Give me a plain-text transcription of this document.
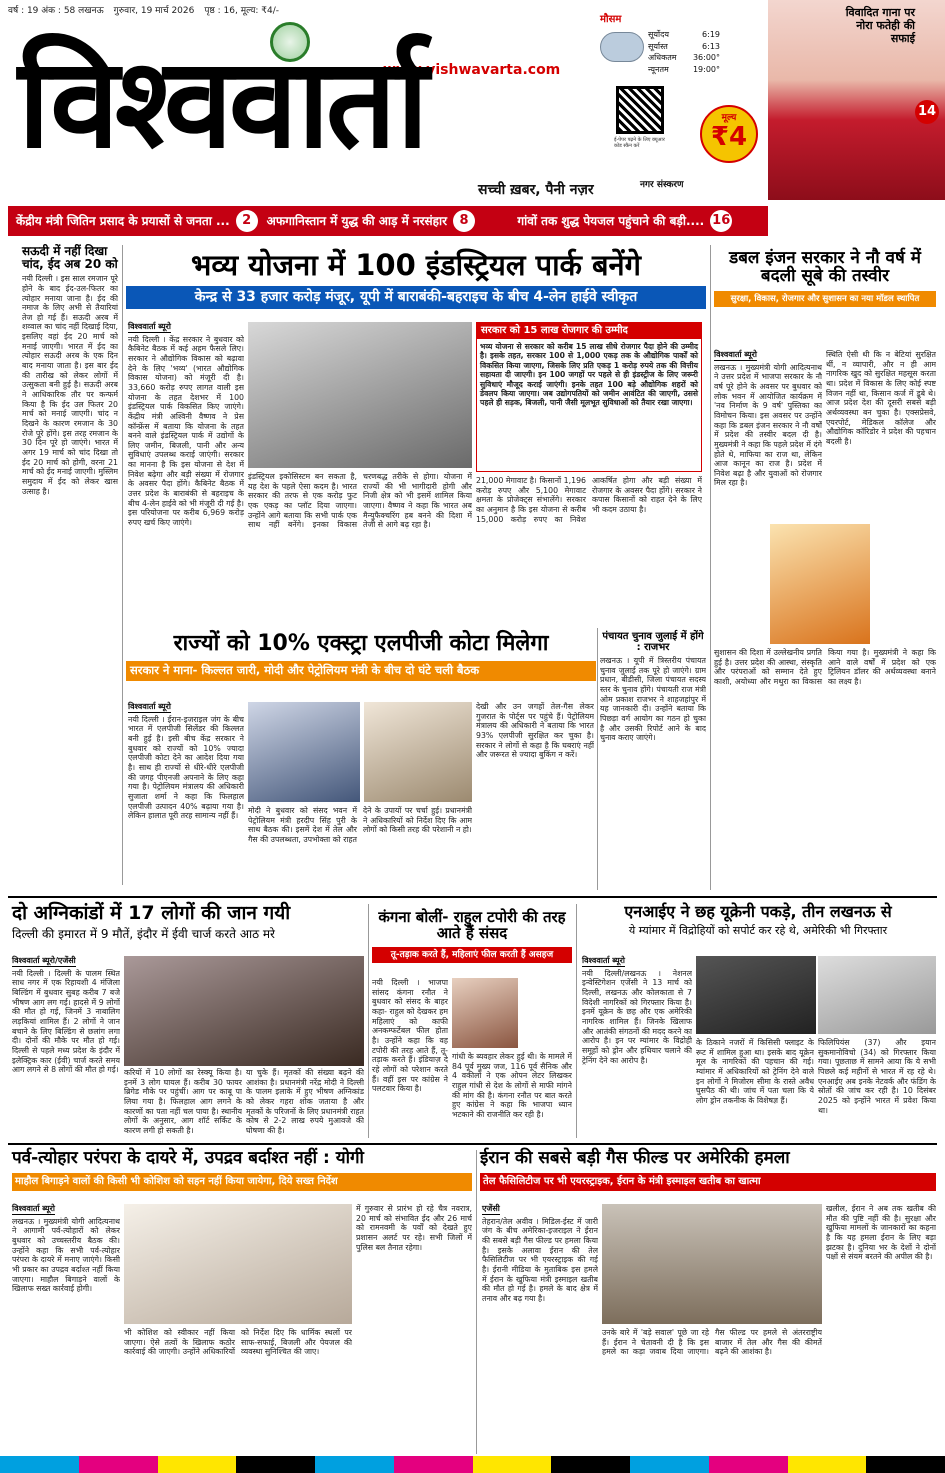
वर्ष : 19 अंक : 58 लखनऊ गुरुवार, 19 मार्च 2026 पृष्ठ : 16, मूल्य: ₹4/-
www.vishwavarta.com
विश्ववार्ता
सच्ची ख़बर, पैनी नज़र
मौसम
सूर्योदय	6:19
सूर्यास्त	6:13
अधिकतम 36:00°
न्यूनतम	19:00°
ई-पेपर पढ़ने के लिए क्यूआर कोड स्कैन करें
मूल्य
₹4
नगर संस्करण
विवादित गाना पर नोरा फतेही की सफाई
14
केंद्रीय मंत्री जितिन प्रसाद के प्रयासों से जनता ... 2	अफगानिस्तान में युद्ध की आड़ में नरसंहार 8	गांवों तक शुद्ध पेयजल पहुंचाने की बड़ी.... 16
सऊदी में नहीं दिखा चांद, ईद अब 20 को
नयी दिल्ली । इस साल रमजान पूरे होने के बाद ईद-उल-फितर का त्योहार मनाया जाना है। ईद की नमाज के लिए अभी से तैयारियां तेज हो गई हैं। सऊदी अरब में शव्वाल का चांद नहीं दिखाई दिया, इसलिए वहां ईद 20 मार्च को मनाई जाएगी। भारत में ईद का त्योहार सऊदी अरब के एक दिन बाद मनाया जाता है। इस बार ईद की तारीख को लेकर लोगों में उत्सुकता बनी हुई है। सऊदी अरब ने आधिकारिक तौर पर कन्फर्म किया है कि ईद उल फितर 20 मार्च को मनाई जाएगी। चांद न दिखने के कारण रमजान के 30 रोजे पूरे होंगे। इस तरह रमजान के 30 दिन पूरे हो जाएंगे। भारत में अगर 19 मार्च को चांद दिखा तो ईद 20 मार्च को होगी, वरना 21 मार्च को ईद मनाई जाएगी। मुस्लिम समुदाय में ईद को लेकर खास उत्साह है।
भव्य योजना में 100 इंडस्ट्रियल पार्क बनेंगे
केन्द्र से 33 हजार करोड़ मंजूर, यूपी में बाराबंकी-बहराइच के बीच 4-लेन हाईवे स्वीकृत
विश्ववार्ता ब्यूरो
नयी दिल्ली । केंद्र सरकार ने बुधवार को कैबिनेट बैठक में कई अहम फैसले लिए। सरकार ने औद्योगिक विकास को बढ़ावा देने के लिए 'भव्य' (भारत औद्योगिक विकास योजना) को मंजूरी दी है। 33,660 करोड़ रुपए लागत वाली इस योजना के तहत देशभर में 100 इंडस्ट्रियल पार्क विकसित किए जाएंगे। केंद्रीय मंत्री अश्विनी वैष्णव ने प्रेस कॉन्फ्रेंस में बताया कि योजना के तहत बनने वाले इंडस्ट्रियल पार्क में उद्योगों के लिए जमीन, बिजली, पानी और अन्य सुविधाएं उपलब्ध कराई जाएंगी। सरकार का मानना है कि इस योजना से देश में निवेश बढ़ेगा और बड़ी संख्या में रोजगार के अवसर पैदा होंगे। कैबिनेट बैठक में उत्तर प्रदेश के बाराबंकी से बहराइच के बीच 4-लेन हाईवे को भी मंजूरी दी गई है। इस परियोजना पर करीब 6,969 करोड़ रुपए खर्च किए जाएंगे।
इंडस्ट्रियल इकोसिस्टम बन सकता है, यह देश के पहले ऐसा कदम है। भारत सरकार की तरफ से एक करोड़ फुट एक एकड़ का प्लॉट दिया जाएगा। उन्होंने आगे बताया कि सभी पार्क एक साथ नहीं बनेंगे। इनका विकास चरणबद्ध तरीके से होगा। योजना में राज्यों की भी भागीदारी होगी और निजी क्षेत्र को भी इसमें शामिल किया जाएगा। वैष्णव ने कहा कि भारत अब मैन्युफैक्चरिंग हब बनने की दिशा में तेजी से आगे बढ़ रहा है।
सरकार को 15 लाख रोजगार की उम्मीद
भव्य योजना से सरकार को करीब 15 लाख सीधे रोजगार पैदा होने की उम्मीद है। इसके तहत, सरकार 100 से 1,000 एकड़ तक के औद्योगिक पार्कों को विकसित किया जाएगा, जिसके लिए प्रति एकड़ 1 करोड़ रुपये तक की वित्तीय सहायता दी जाएगी। इन 100 जगहों पर पहले से ही इंडस्ट्रीज के लिए जरूरी सुविधाएं मौजूद कराई जाएंगी। इनके तहत 100 बड़े औद्योगिक शहरों को डेवलप किया जाएगा। जब उद्योगपतियों को जमीन आवंटित की जाएगी, उससे पहले ही सड़क, बिजली, पानी जैसी मूलभूत सुविधाओं को तैयार रखा जाएगा।
21,000 मेगावाट है। किसानों 1,196 करोड़ रुपए और 5,100 मेगावाट क्षमता के प्रोजेक्ट्स संभालेंगे। सरकार का अनुमान है कि इस योजना से करीब 15,000 करोड़ रुपए का निवेश आकर्षित होगा और बड़ी संख्या में रोजगार के अवसर पैदा होंगे। सरकार ने कपास किसानों को राहत देने के लिए भी कदम उठाया है।
राज्यों को 10% एक्स्ट्रा एलपीजी कोटा मिलेगा
सरकार ने माना- किल्लत जारी, मोदी और पेट्रोलियम मंत्री के बीच दो घंटे चली बैठक
विश्ववार्ता ब्यूरो
नयी दिल्ली । ईरान-इजराइल जंग के बीच भारत में एलपीजी सिलेंडर की किल्लत बनी हुई है। इसी बीच केंद्र सरकार ने बुधवार को राज्यों को 10% ज्यादा एलपीजी कोटा देने का आदेश दिया गया है। साथ ही राज्यों से धीरे-धीरे एलपीजी की जगह पीएनजी अपनाने के लिए कहा गया है। पेट्रोलियम मंत्रालय की अधिकारी सुजाता शर्मा ने कहा कि फिलहाल एलपीजी उत्पादन 40% बढ़ाया गया है। लेकिन हालात पूरी तरह सामान्य नहीं हैं।
मोदी ने बुधवार को संसद भवन में पेट्रोलियम मंत्री हरदीप सिंह पुरी के साथ बैठक की। इसमें देश में तेल और गैस की उपलब्धता, उपभोक्ता को राहत देने के उपायों पर चर्चा हुई। प्रधानमंत्री ने अधिकारियों को निर्देश दिए कि आम लोगों को किसी तरह की परेशानी न हो।
देखी और उन जगहों तेल-गैस लेकर गुजरात के पोर्ट्स पर पहुंचे हैं। पेट्रोलियम मंत्रालय की अधिकारी ने बताया कि भारत 93% एलपीजी सुरक्षित कर चुका है। सरकार ने लोगों से कहा है कि घबराएं नहीं और जरूरत से ज्यादा बुकिंग न करें।
पंचायत चुनाव जुलाई में होंगे : राजभर
लखनऊ । यूपी में त्रिस्तरीय पंचायत चुनाव जुलाई तक पूरे हो जाएंगे। ग्राम प्रधान, बीडीसी, जिला पंचायत सदस्य स्तर के चुनाव होंगे। पंचायती राज मंत्री ओम प्रकाश राजभर ने शाहजहांपुर में यह जानकारी दी। उन्होंने बताया कि पिछड़ा वर्ग आयोग का गठन हो चुका है और उसकी रिपोर्ट आने के बाद चुनाव कराए जाएंगे।
डबल इंजन सरकार ने नौ वर्ष में बदली सूबे की तस्वीर
सुरक्षा, विकास, रोजगार और सुशासन का नया मॉडल स्थापित
विश्ववार्ता ब्यूरो
लखनऊ । मुख्यमंत्री योगी आदित्यनाथ ने उत्तर प्रदेश में भाजपा सरकार के नौ वर्ष पूरे होने के अवसर पर बुधवार को लोक भवन में आयोजित कार्यक्रम में 'नव निर्माण के 9 वर्ष' पुस्तिका का विमोचन किया। इस अवसर पर उन्होंने कहा कि डबल इंजन सरकार ने नौ वर्षों में प्रदेश की तस्वीर बदल दी है। मुख्यमंत्री ने कहा कि पहले प्रदेश में दंगे होते थे, माफिया का राज था, लेकिन आज कानून का राज है। प्रदेश में निवेश बढ़ा है और युवाओं को रोजगार मिल रहा है।
स्थिति ऐसी थी कि न बेटियां सुरक्षित थीं, न व्यापारी, और न ही आम नागरिक खुद को सुरक्षित महसूस करता था। प्रदेश में विकास के लिए कोई स्पष्ट विजन नहीं था, किसान कर्ज में डूबे थे। आज प्रदेश देश की दूसरी सबसे बड़ी अर्थव्यवस्था बन चुका है। एक्सप्रेसवे, एयरपोर्ट, मेडिकल कॉलेज और औद्योगिक कॉरिडोर ने प्रदेश की पहचान बदली है।
सुशासन की दिशा में उल्लेखनीय प्रगति हुई है। उत्तर प्रदेश की आस्था, संस्कृति और परंपराओं को सम्मान देते हुए काशी, अयोध्या और मथुरा का विकास किया गया है। मुख्यमंत्री ने कहा कि आने वाले वर्षों में प्रदेश को एक ट्रिलियन डॉलर की अर्थव्यवस्था बनाने का लक्ष्य है।
दो अग्निकांडों में 17 लोगों की जान गयी
दिल्ली की इमारत में 9 मौतें, इंदौर में ईवी चार्ज करते आठ मरे
विश्ववार्ता ब्यूरो/एजेंसी
नयी दिल्ली । दिल्ली के पालम स्थित साध नगर में एक रिहायशी 4 मंजिला बिल्डिंग में बुधवार सुबह करीब 7 बजे भीषण आग लग गई। हादसे में 9 लोगों की मौत हो गई, जिनमें 3 नाबालिग लड़कियां शामिल हैं। 2 लोगों ने जान बचाने के लिए बिल्डिंग से छलांग लगा दी। दोनों की मौके पर मौत हो गई। दिल्ली से पहले मध्य प्रदेश के इंदौर में इलेक्ट्रिक कार (ईवी) चार्ज करते समय आग लगने से 8 लोगों की मौत हो गई। करियों में 10 लोगों का रेस्क्यू किया है। इनमें 3 लोग घायल हैं। करीब 30 फायर ब्रिगेड मौके पर पहुंचीं। आग पर काबू पा लिया गया है। फिलहाल आग लगने के कारणों का पता नहीं चल पाया है। स्थानीय लोगों के अनुसार, आग शॉर्ट सर्किट के कारण लगी हो सकती है।
या चुके हैं। मृतकों की संख्या बढ़ने की आशंका है। प्रधानमंत्री नरेंद्र मोदी ने दिल्ली के पालम इलाके में हुए भीषण अग्निकांड को लेकर गहरा शोक जताया है और मृतकों के परिजनों के लिए प्रधानमंत्री राहत कोष से 2-2 लाख रुपये मुआवजे की घोषणा की है।
कंगना बोलीं- राहुल टपोरी की तरह आते हैं संसद
तू-तड़ाक करते हैं, महिलाएं फील करती हैं असहज
नयी दिल्ली । भाजपा सांसद कंगना रनौत ने बुधवार को संसद के बाहर कहा- राहुल को देखकर हम महिलाएं को काफी अनकम्फर्टेबल फील होता है। उन्होंने कहा कि वह टपोरी की तरह आते हैं, तू-तड़ाक करते हैं। इंडियाज़ दे रहे लोगों को परेशान करते हैं। वहीं इस पर कांग्रेस ने पलटवार किया है।
गांधी के ब्यवहार लेकर हुई थी। के मामले में 84 पूर्व मुख्य जज, 116 पूर्व सैनिक और 4 वकीलों ने एक ओपन लेटर लिखकर राहुल गांधी से देश के लोगों से माफी मांगने की मांग की है। कंगना रनौत पर बात करते हुए कांग्रेस ने कहा कि भाजपा ध्यान भटकाने की राजनीति कर रही है।
एनआईए ने छह यूक्रेनी पकड़े, तीन लखनऊ से
ये म्यांमार में विद्रोहियों को सपोर्ट कर रहे थे, अमेरिकी भी गिरफ्तार
विश्ववार्ता ब्यूरो
नयी दिल्ली/लखनऊ । नेशनल इन्वेस्टिगेशन एजेंसी ने 13 मार्च को दिल्ली, लखनऊ और कोलकाता से 7 विदेशी नागरिकों को गिरफ्तार किया है। इनमें यूक्रेन के छह और एक अमेरिकी नागरिक शामिल हैं। जिनके खिलाफ और आतंकी संगठनों की मदद करने का आरोप है। इन पर म्यांमार के विद्रोही समूहों को ड्रोन और हथियार चलाने की ट्रेनिंग देने का आरोप है।
के ठिकाने नजरों में किसिसी फ्लाइट के रूट में शामिल हुआ था। इसके बाद यूक्रेन मूल के नागरिकों की पहचान की गई। म्यांमार में अधिकारियों को ट्रेनिंग देने वाले इन लोगों ने मिजोरम सीमा के रास्ते अवैध घुसपैठ की थी। जांच में पता चला कि ये लोग ड्रोन तकनीक के विशेषज्ञ हैं।
फिलिपियंस (37) और इयान सुकमानोविचो (34) को गिरफ्तार किया गया। पूछताछ में सामने आया कि ये सभी पिछले कई महीनों से भारत में रह रहे थे। एनआईए अब इनके नेटवर्क और फंडिंग के स्रोतों की जांच कर रही है। 10 दिसंबर 2025 को इन्होंने भारत में प्रवेश किया था।
पर्व-त्योहार परंपरा के दायरे में, उपद्रव बर्दाश्त नहीं : योगी
माहौल बिगाड़ने वालों की किसी भी कोशिश को सहन नहीं किया जायेगा, दिये सख्त निर्देश
विश्ववार्ता ब्यूरो
लखनऊ । मुख्यमंत्री योगी आदित्यनाथ ने आगामी पर्व-त्योहारों को लेकर बुधवार को उच्चस्तरीय बैठक की। उन्होंने कहा कि सभी पर्व-त्योहार परंपरा के दायरे में मनाए जाएंगे। किसी भी प्रकार का उपद्रव बर्दाश्त नहीं किया जाएगा। माहौल बिगाड़ने वालों के खिलाफ सख्त कार्रवाई होगी।
में गुरुवार से प्रारंभ हो रहे चैत्र नवरात्र, 20 मार्च को संभावित ईद और 26 मार्च को रामनवमी के पर्वों को देखते हुए प्रशासन अलर्ट पर रहे। सभी जिलों में पुलिस बल तैनात रहेगा।
भी कोशिश को स्वीकार नहीं किया जाएगा। ऐसे तत्वों के खिलाफ कठोर कार्रवाई की जाएगी। उन्होंने अधिकारियों को निर्देश दिए कि धार्मिक स्थलों पर साफ-सफाई, बिजली और पेयजल की व्यवस्था सुनिश्चित की जाए।
ईरान की सबसे बड़ी गैस फील्ड पर अमेरिकी हमला
तेल फैसिलिटीज पर भी एयरस्ट्राइक, ईरान के मंत्री इस्माइल खतीब का खात्मा
एजेंसी
तेहरान/तेल अवीव । मिडिल-ईस्ट में जारी जंग के बीच अमेरिका-इजराइल ने ईरान की सबसे बड़ी गैस फील्ड पर हमला किया है। इसके अलावा ईरान की तेल फैसिलिटीज पर भी एयरस्ट्राइक की गई है। ईरानी मीडिया के मुताबिक इस हमले में ईरान के खुफिया मंत्री इस्माइल खतीब की मौत हो गई है। हमले के बाद क्षेत्र में तनाव और बढ़ गया है।
उनके बारे में 'बड़े सवाल' पूछे जा रहे हैं। ईरान ने चेतावनी दी है कि इस हमले का कड़ा जवाब दिया जाएगा। गैस फील्ड पर हमले से अंतरराष्ट्रीय बाजार में तेल और गैस की कीमतें बढ़ने की आशंका है।
खलील, ईरान ने अब तक खतीब की मौत की पुष्टि नहीं की है। सुरक्षा और खुफिया मामलों के जानकारों का कहना है कि यह हमला ईरान के लिए बड़ा झटका है। दुनिया भर के देशों ने दोनों पक्षों से संयम बरतने की अपील की है।
